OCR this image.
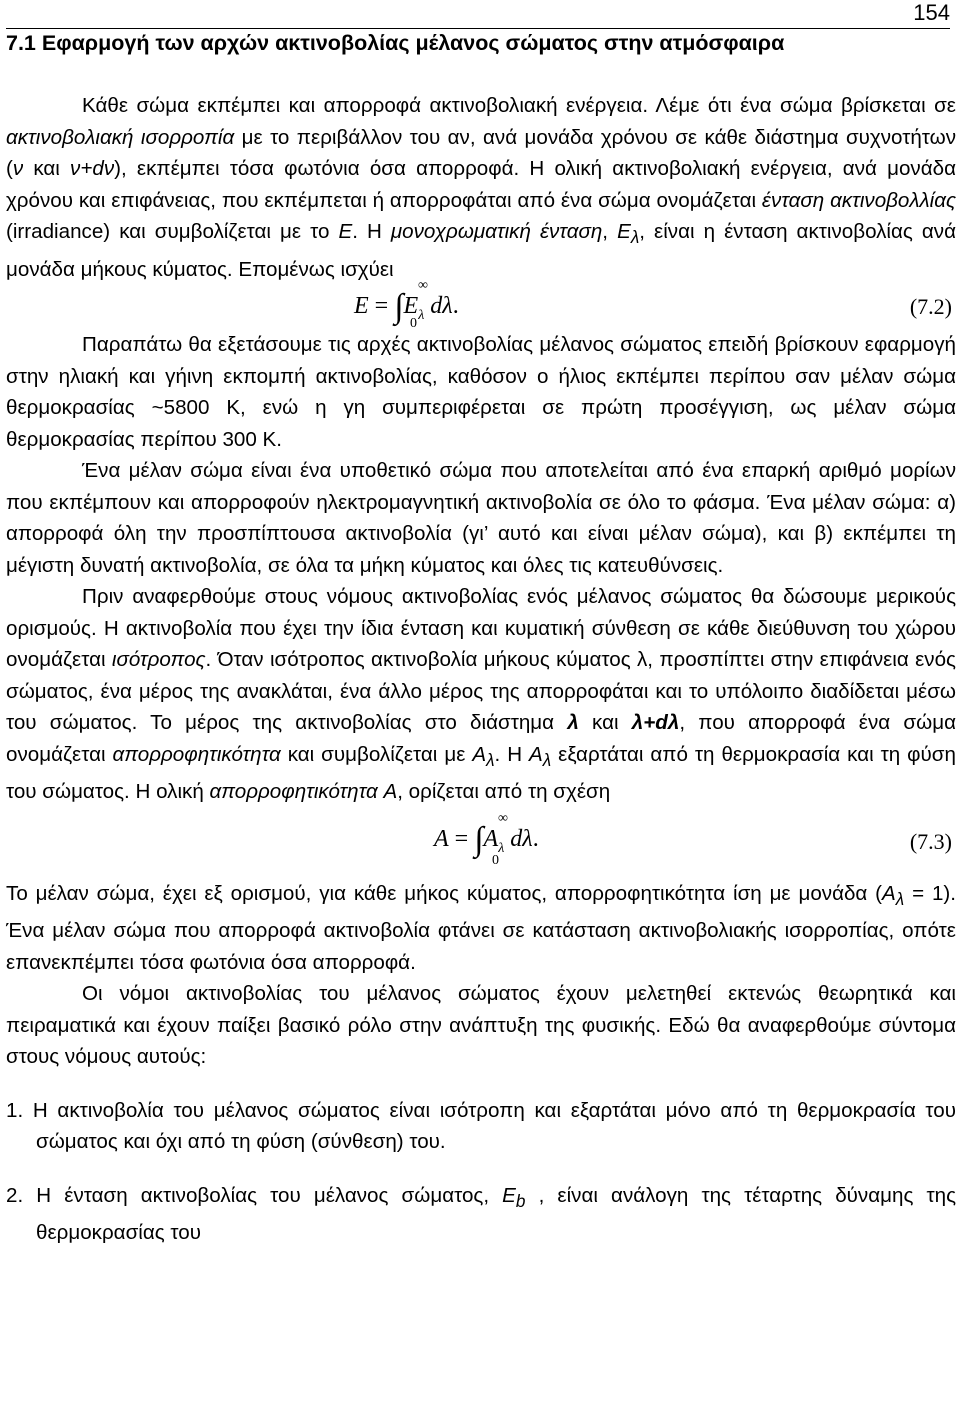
154
7.1 Εφαρμογή των αρχών ακτινοβολίας μέλανος σώματος στην ατμόσφαιρα

Κάθε σώμα εκπέμπει και απορροφά ακτινοβολιακή ενέργεια. Λέμε ότι ένα σώμα βρίσκεται σε ακτινοβολιακή ισορροπία με το περιβάλλον του αν, ανά μονάδα χρόνου σε κάθε διάστημα συχνοτήτων (ν και ν+dν), εκπέμπει τόσα φωτόνια όσα απορροφά. Η ολική ακτινοβολιακή ενέργεια, ανά μονάδα χρόνου και επιφάνειας, που εκπέμπεται ή απορροφάται από ένα σώμα ονομάζεται ένταση ακτινοβολλίας (irradiance) και συμβολίζεται με το E. Η μονοχρωματική ένταση, $E_\lambda$, είναι η ένταση ακτινοβολίας ανά μονάδα μήκους κύματος. Επομένως ισχύει

$E = \int E_\lambda$ dλ.
∞
0
(7.2)

Παραπάτω θα εξετάσουμε τις αρχές ακτινοβολίας μέλανος σώματος επειδή βρίσκουν εφαρμογή στην ηλιακή και γήινη εκπομπή ακτινοβολίας, καθόσον ο ήλιος εκπέμπει περίπου σαν μέλαν σώμα θερμοκρασίας ~5800 K, ενώ η γη συμπεριφέρεται σε πρώτη προσέγγιση, ως μέλαν σώμα θερμοκρασίας περίπου 300 K.

Ένα μέλαν σώμα είναι ένα υποθετικό σώμα που αποτελείται από ένα επαρκή αριθμό μορίων που εκπέμπουν και απορροφούν ηλεκτρομαγνητική ακτινοβολία σε όλο το φάσμα. Ένα μέλαν σώμα: α) απορροφά όλη την προσπίπτουσα ακτινοβολία (γι’ αυτό και είναι μέλαν σώμα), και β) εκπέμπει τη μέγιστη δυνατή ακτινοβολία, σε όλα τα μήκη κύματος και όλες τις κατευθύνσεις.

Πριν αναφερθούμε στους νόμους ακτινοβολίας ενός μέλανος σώματος θα δώσουμε μερικούς ορισμούς. Η ακτινοβολία που έχει την ίδια ένταση και κυματική σύνθεση σε κάθε διεύθυνση του χώρου ονομάζεται ισότροπος. Όταν ισότροπος ακτινοβολία μήκους κύματος λ, προσπίπτει στην επιφάνεια ενός σώματος, ένα μέρος της ανακλάται, ένα άλλο μέρος της απορροφάται και το υπόλοιπο διαδίδεται μέσω του σώματος. Το μέρος της ακτινοβολίας στο διάστημα λ και λ+dλ, που απορροφά ένα σώμα ονομάζεται απορροφητικότητα και συμβολίζεται με $A_\lambda$. Η $A_\lambda$ εξαρτάται από τη θερμοκρασία και τη φύση του σώματος. Η ολική απορροφητικότητα A, ορίζεται από τη σχέση

$A = \int A_\lambda$ dλ.
∞
0
(7.3)

Το μέλαν σώμα, έχει εξ ορισμού, για κάθε μήκος κύματος, απορροφητικότητα ίση με μονάδα $(A_\lambda = 1)$. Ένα μέλαν σώμα που απορροφά ακτινοβολία φτάνει σε κατάσταση ακτινοβολιακής ισορροπίας, οπότε επανεκπέμπει τόσα φωτόνια όσα απορροφά.

Οι νόμοι ακτινοβολίας του μέλανος σώματος έχουν μελετηθεί εκτενώς θεωρητικά και πειραματικά και έχουν παίξει βασικό ρόλο στην ανάπτυξη της φυσικής. Εδώ θα αναφερθούμε σύντομα στους νόμους αυτούς:

1. Η ακτινοβολία του μέλανος σώματος είναι ισότροπη και εξαρτάται μόνο από τη θερμοκρασία του σώματος και όχι από τη φύση (σύνθεση) του.

2. Η ένταση ακτινοβολίας του μέλανος σώματος, $E_b$ , είναι ανάλογη της τέταρτης δύναμης της θερμοκρασίας του
